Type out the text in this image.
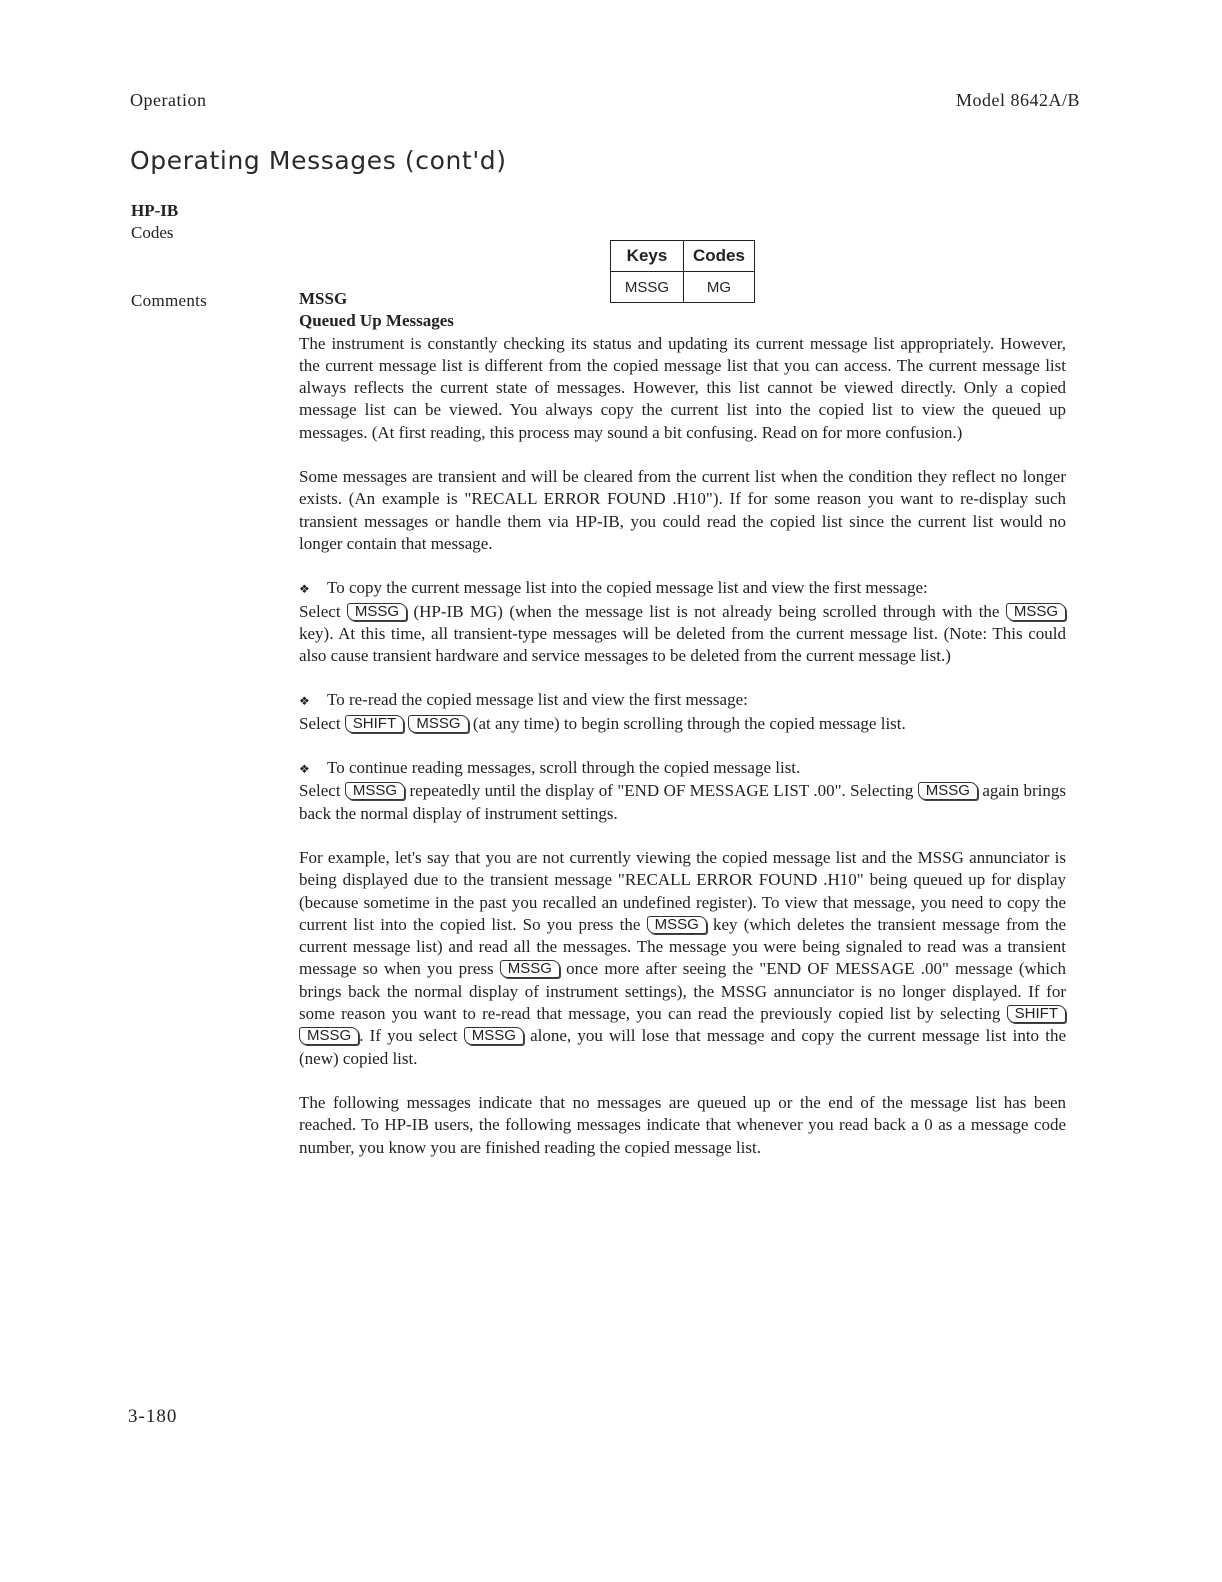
Operation	Model 8642A/B
Operating Messages (cont'd)
HP-IB
Codes
Comments
Keys	Codes
MSSG	MG
MSSG
Queued Up Messages

The instrument is constantly checking its status and updating its current message list appropriately. However, the current message list is different from the copied message list that you can access. The current message list always reflects the current state of messages. However, this list cannot be viewed directly. Only a copied message list can be viewed. You always copy the current list into the copied list to view the queued up messages. (At first reading, this process may sound a bit confusing. Read on for more confusion.)

Some messages are transient and will be cleared from the current list when the condition they reflect no longer exists. (An example is "RECALL ERROR FOUND .H10"). If for some reason you want to re-display such transient messages or handle them via HP-IB, you could read the copied list since the current list would no longer contain that message.

❖ To copy the current message list into the copied message list and view the first message:
Select MSSG (HP-IB MG) (when the message list is not already being scrolled through with the MSSG key). At this time, all transient-type messages will be deleted from the current message list. (Note: This could also cause transient hardware and service messages to be deleted from the current message list.)

❖ To re-read the copied message list and view the first message:
Select SHIFT MSSG (at any time) to begin scrolling through the copied message list.

❖ To continue reading messages, scroll through the copied message list.
Select MSSG repeatedly until the display of "END OF MESSAGE LIST .00". Selecting MSSG again brings back the normal display of instrument settings.

For example, let's say that you are not currently viewing the copied message list and the MSSG annunciator is being displayed due to the transient message "RECALL ERROR FOUND .H10" being queued up for display (because sometime in the past you recalled an undefined register). To view that message, you need to copy the current list into the copied list. So you press the MSSG key (which deletes the transient message from the current message list) and read all the messages. The message you were being signaled to read was a transient message so when you press MSSG once more after seeing the "END OF MESSAGE .00" message (which brings back the normal display of instrument settings), the MSSG annunciator is no longer displayed. If for some reason you want to re-read that message, you can read the previously copied list by selecting SHIFT MSSG . If you select MSSG alone, you will lose that message and copy the current message list into the (new) copied list.

The following messages indicate that no messages are queued up or the end of the message list has been reached. To HP-IB users, the following messages indicate that whenever you read back a 0 as a message code number, you know you are finished reading the copied message list.

3-180
